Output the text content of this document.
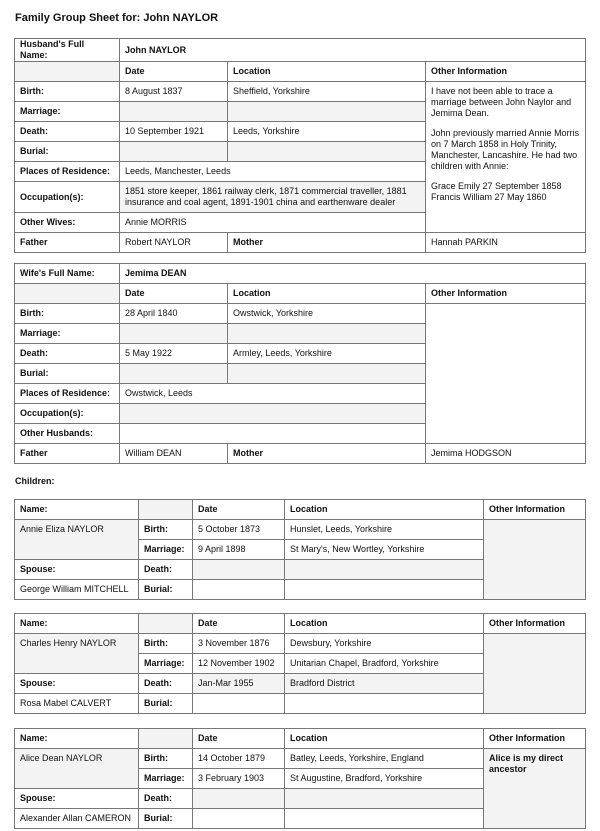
Family Group Sheet for: John NAYLOR
Husband's Full Name:	John NAYLOR		
	Date	Location	Other Information
Birth:	8 August 1837	Sheffield, Yorkshire	I have not been able to trace a marriage between John Naylor and Jemima Dean.

John previously married Annie Morris on 7 March 1858 in Holy Trinity, Manchester, Lancashire. He had two children with Annie:

Grace Emily 27 September 1858
Francis William 27 May 1860

Marriage:			
Death:	10 September 1921	Leeds, Yorkshire	
Burial:			
Places of Residence:	Leeds, Manchester, Leeds		
Occupation(s):	1851 store keeper, 1861 railway clerk, 1871 commercial traveller, 1881 insurance and coal agent, 1891-1901 china and earthenware dealer		
Other Wives:	Annie MORRIS		
Father	Robert NAYLOR	Mother	Hannah PARKIN
Wife's Full Name:	Jemima DEAN		
	Date	Location	Other Information
Birth:	28 April 1840	Owstwick, Yorkshire	
Marriage:			
Death:	5 May 1922	Armley, Leeds, Yorkshire	
Burial:			
Places of Residence:	Owstwick, Leeds		
Occupation(s):			
Other Husbands:			
Father	William DEAN	Mother	Jemima HODGSON
Children:
Name:		Date	Location	Other Information
Annie Eliza NAYLOR	Birth:	5 October 1873	Hunslet, Leeds, Yorkshire	
	Marriage:	9 April 1898	St Mary's, New Wortley, Yorkshire	
Spouse:	Death:			
George William MITCHELL	Burial:			
Name:		Date	Location	Other Information
Charles Henry NAYLOR	Birth:	3 November 1876	Dewsbury, Yorkshire	
	Marriage:	12 November 1902	Unitarian Chapel, Bradford, Yorkshire	
Spouse:	Death:	Jan-Mar 1955	Bradford District	
Rosa Mabel CALVERT	Burial:			
Name:		Date	Location	Other Information
Alice Dean NAYLOR	Birth:	14 October 1879	Batley, Leeds, Yorkshire, England	Alice is my direct ancestor
	Marriage:	3 February 1903	St Augustine, Bradford, Yorkshire	
Spouse:	Death:			
Alexander Allan CAMERON	Burial:			
